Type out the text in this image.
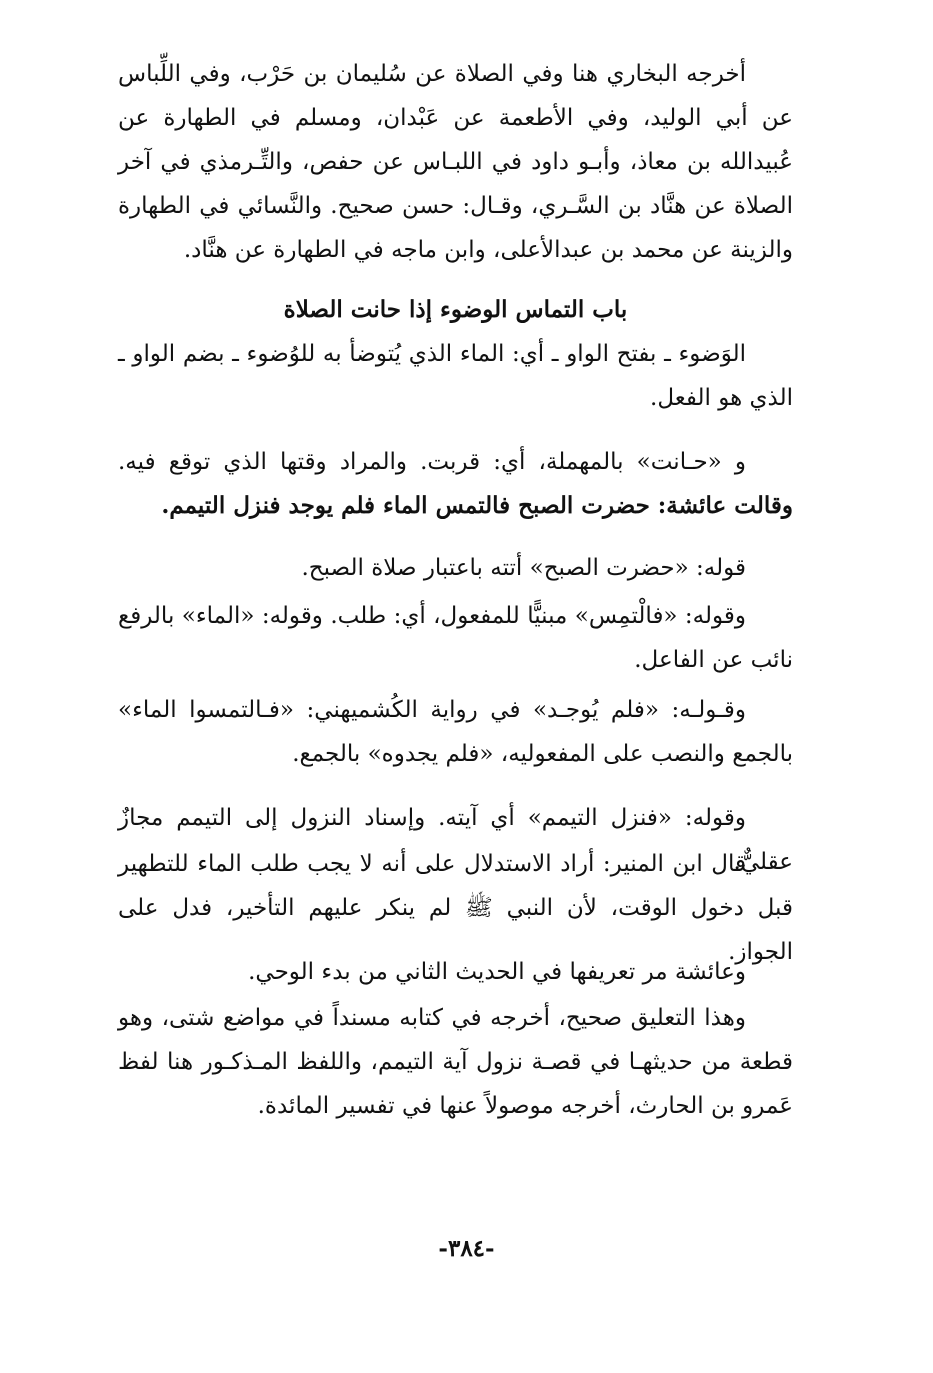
أخرجه البخاري هنا وفي الصلاة عن سُليمان بن حَرْب، وفي اللِّباس عن أبي الوليد، وفي الأطعمة عن عَبْدان، ومسلم في الطهارة عن عُبيدالله بن معاذ، وأبـو داود في اللبـاس عن حفص، والتِّـرمذي في آخر الصلاة عن هنَّاد بن السَّـري، وقـال: حسن صحيح. والنَّسائي في الطهارة والزينة عن محمد بن عبدالأعلى، وابن ماجه في الطهارة عن هنَّاد.
باب التماس الوضوء إذا حانت الصلاة
الوَضوء ـ بفتح الواو ـ أي: الماء الذي يُتوضأ به للوُضوء ـ بضم الواو ـ الذي هو الفعل.
و «حـانت» بالمهملة، أي: قربت. والمراد وقتها الذي توقع فيه. وقالت عائشة: حضرت الصبح فالتمس الماء فلم يوجد فنزل التيمم.
قوله: «حضرت الصبح» أتته باعتبار صلاة الصبح.
وقوله: «فالْتمِس» مبنيًّا للمفعول، أي: طلب. وقوله: «الماء» بالرفع نائب عن الفاعل.
وقـولـه: «فلم يُوجـد» في رواية الكُشميهني: «فـالتمسوا الماء» بالجمع والنصب على المفعوليه، «فلم يجدوه» بالجمع.
وقوله: «فنزل التيمم» أي آيته. وإسناد النزول إلى التيمم مجازٌ عقليٌّ.
قال ابن المنير: أراد الاستدلال على أنه لا يجب طلب الماء للتطهير قبل دخول الوقت، لأن النبي ﷺ لم ينكر عليهم التأخير، فدل على الجواز.
وعائشة مر تعريفها في الحديث الثاني من بدء الوحي.
وهذا التعليق صحيح، أخرجه في كتابه مسنداً في مواضع شتى، وهو قطعة من حديثهـا في قصـة نزول آية التيمم، واللفظ المـذكـور هنا لفظ عَمرو بن الحارث، أخرجه موصولاً عنها في تفسير المائدة.
-٣٨٤-
